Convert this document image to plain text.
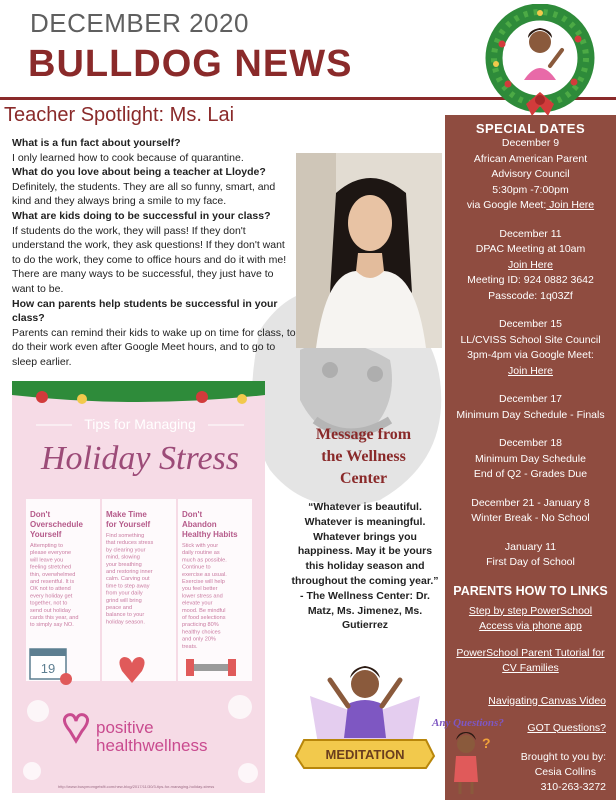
DECEMBER 2020
BULLDOG NEWS
Teacher Spotlight: Ms. Lai
What is a fun fact about yourself?
I only learned how to cook because of quarantine.
What do you love about being a teacher at Lloyde?
Definitely, the students. They are all so funny, smart, and kind and they always bring a smile to my face.
What are kids doing to be successful in your class?
If students do the work, they will pass! If they don't understand the work, they ask questions! If they don't want to do the work, they come to office hours and do it with me! There are many ways to be successful, they just have to want to be.
How can parents help students be successful in your class?
Parents can remind their kids to wake up on time for class, to do their work even after Google Meet hours, and to go to sleep earlier.
SPECIAL DATES
December 9
African American Parent
Advisory Council
5:30pm -7:00pm
via Google Meet: Join Here
December 11
DPAC Meeting at 10am
Join Here
Meeting ID: 924 0882 3642
Passcode: 1q03Zf
December 15
LL/CVISS School Site Council
3pm-4pm via Google Meet:
Join Here
December 17
Minimum Day Schedule - Finals
December 18
Minimum Day Schedule
End of Q2 - Grades Due
December 21 - January 8
Winter Break - No School
January 11
First Day of School
PARENTS HOW TO LINKS
Step by step PowerSchool Access via phone app
PowerSchool Parent Tutorial for CV Families
Navigating Canvas Video
GOT Questions?
Brought to you by:
Cesia Collins
310-263-3272
Tips for Managing
Holiday Stress
Don't
Overschedule
Yourself
Make Time
for Yourself
Don't
Abandon
Healthy Habits
Attempting to
please everyone
will leave you
feeling stretched
thin, overwhelmed
and resentful. It is
OK not to attend
every holiday get
together, not to
send out holiday
cards this year, and
to simply say NO.
Find something
that reduces stress
by clearing your
mind, slowing
your breathing
and restoring inner
calm. Carving out
time to step away
from your daily
grind will bring
peace and
balance to your
holiday season.
Stick with your
daily routine as
much as possible.
Continue to
exercise as usual.
Exercise will help
you feel better
lower stress and
elevate your
mood. Be mindful
of food selections
practicing 80%
healthy choices
and only 20%
treats.
19
positive
healthwellness
http://www.busymomgetsfit.com/new-blog/2017/11/30/3-tips-for-managing-holiday-stress
Message from
the Wellness
Center
“Whatever is beautiful. Whatever is meaningful. Whatever brings you happiness. May it be yours this holiday season and throughout the coming year.” - The Wellness Center: Dr. Matz, Ms. Jimenez, Ms. Gutierrez
MEDITATION
Any Questions?
?
